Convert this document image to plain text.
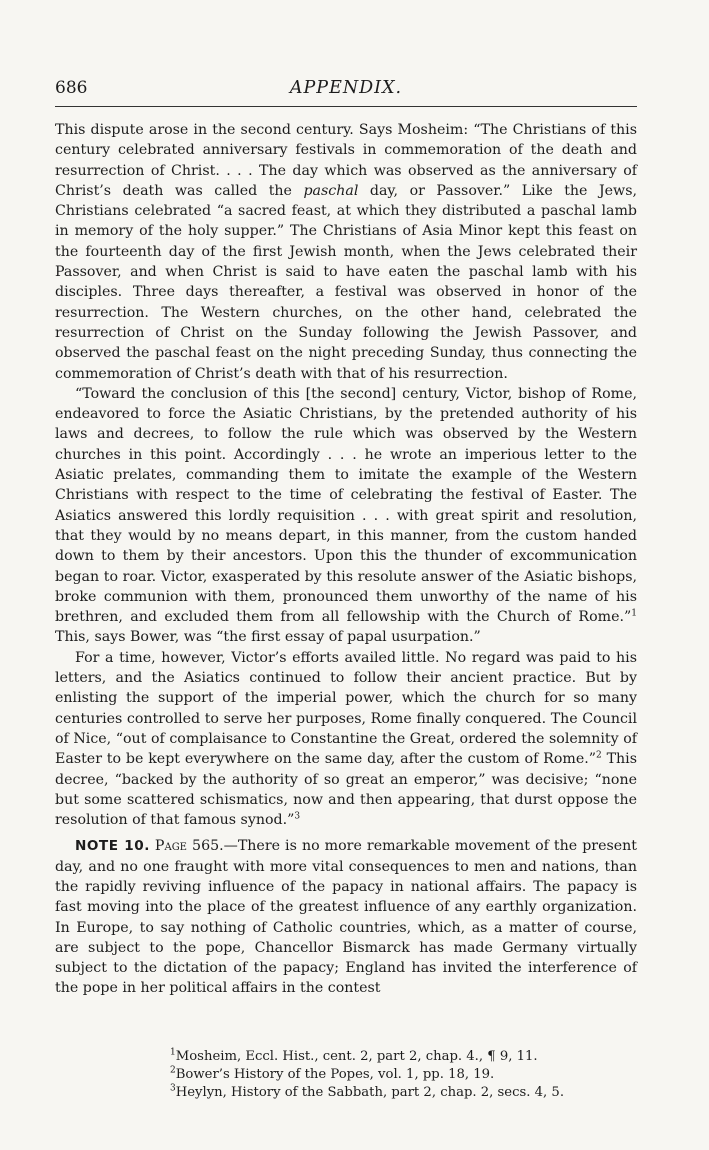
686	APPENDIX.

This dispute arose in the second century. Says Mosheim: “The Christians of this century celebrated anniversary festivals in commemoration of the death and resurrection of Christ. . . . The day which was observed as the anniversary of Christ’s death was called the paschal day, or Passover.” Like the Jews, Christians celebrated “a sacred feast, at which they distributed a paschal lamb in memory of the holy supper.” The Christians of Asia Minor kept this feast on the fourteenth day of the first Jewish month, when the Jews celebrated their Passover, and when Christ is said to have eaten the paschal lamb with his disciples. Three days thereafter, a festival was observed in honor of the resurrection. The Western churches, on the other hand, celebrated the resurrection of Christ on the Sunday following the Jewish Passover, and observed the paschal feast on the night preceding Sunday, thus connecting the commemoration of Christ’s death with that of his resurrection.

“Toward the conclusion of this [the second] century, Victor, bishop of Rome, endeavored to force the Asiatic Christians, by the pretended authority of his laws and decrees, to follow the rule which was observed by the Western churches in this point. Accordingly . . . he wrote an imperious letter to the Asiatic prelates, commanding them to imitate the example of the Western Christians with respect to the time of celebrating the festival of Easter. The Asiatics answered this lordly requisition . . . with great spirit and resolution, that they would by no means depart, in this manner, from the custom handed down to them by their ancestors. Upon this the thunder of excommunication began to roar. Victor, exasperated by this resolute answer of the Asiatic bishops, broke communion with them, pronounced them unworthy of the name of his brethren, and excluded them from all fellowship with the Church of Rome.”$^1$ This, says Bower, was “the first essay of papal usurpation.”

For a time, however, Victor’s efforts availed little. No regard was paid to his letters, and the Asiatics continued to follow their ancient practice. But by enlisting the support of the imperial power, which the church for so many centuries controlled to serve her purposes, Rome finally conquered. The Council of Nice, “out of complaisance to Constantine the Great, ordered the solemnity of Easter to be kept everywhere on the same day, after the custom of Rome.”$^2$ This decree, “backed by the authority of so great an emperor,” was decisive; “none but some scattered schismatics, now and then appearing, that durst oppose the resolution of that famous synod.”$^3$

NOTE 10. Page 565.—There is no more remarkable movement of the present day, and no one fraught with more vital consequences to men and nations, than the rapidly reviving influence of the papacy in national affairs. The papacy is fast moving into the place of the greatest influence of any earthly organization. In Europe, to say nothing of Catholic countries, which, as a matter of course, are subject to the pope, Chancellor Bismarck has made Germany virtually subject to the dictation of the papacy; England has invited the interference of the pope in her political affairs in the contest

$^1$Mosheim, Eccl. Hist., cent. 2, part 2, chap. 4., ¶ 9, 11.
$^2$Bower’s History of the Popes, vol. 1, pp. 18, 19.
$^3$Heylyn, History of the Sabbath, part 2, chap. 2, secs. 4, 5.
